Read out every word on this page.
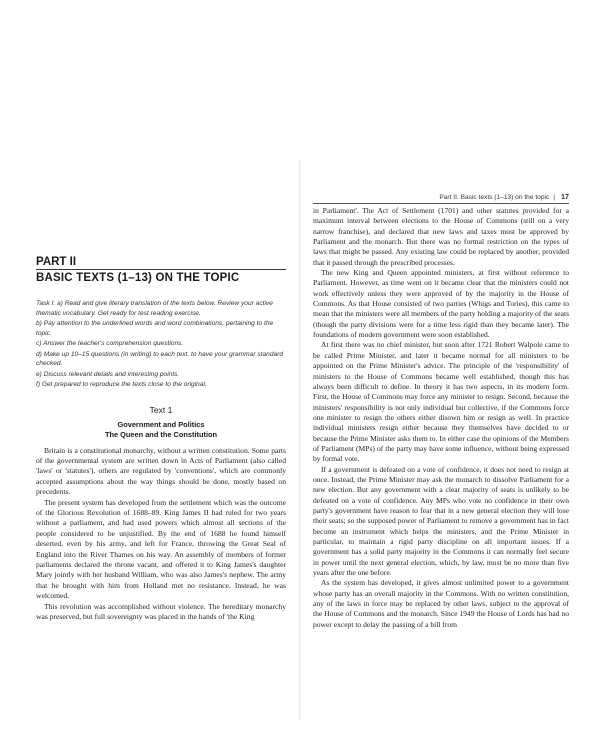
PART II
BASIC TEXTS (1–13) ON THE TOPIC
Task I: a) Read and give literary translation of the texts below. Review your active thematic vocabulary. Get ready for test reading exercise.
b) Pay attention to the underlined words and word combinations, pertaining to the topic.
c) Answer the teacher's comprehension questions.
d) Make up 10–15 questions (in writing) to each text, to have your grammar standard checked.
e) Discuss relevant details and interesting points.
f) Get prepared to reproduce the texts close to the original.
Text 1
Government and Politics
The Queen and the Constitution

Britain is a constitutional monarchy, without a written constitution. Some parts of the governmental system are written down in Acts of Parliament (also called 'laws' or 'statutes'), others are regulated by 'conventions', which are commonly accepted assumptions about the way things should be done, mostly based on precedents.

The present system has developed from the settlement which was the outcome of the Glorious Revolution of 1688–89. King James II had ruled for two years without a parliament, and had used powers which almost all sections of the people considered to be unjustified. By the end of 1688 he found himself deserted, even by his army, and left for France, throwing the Great Seal of England into the River Thames on his way. An assembly of members of former parliaments declared the throne vacant, and offered it to King James's daughter Mary jointly with her husband William, who was also James's nephew. The army that he brought with him from Holland met no resistance. Instead, he was welcomed.

This revolution was accomplished without violence. The hereditary monarchy was preserved, but full sovereignty was placed in the hands of 'the King

Part II. Basic texts (1–13) on the topic | 17

in Parliament'. The Act of Settlement (1701) and other statutes provided for a maximum interval between elections to the House of Commons (still on a very narrow franchise), and declared that new laws and taxes must be approved by Parliament and the monarch. But there was no formal restriction on the types of laws that might be passed. Any existing law could be replaced by another, provided that it passed through the prescribed processes.

The new King and Queen appointed ministers, at first without reference to Parliament. However, as time went on it became clear that the ministers could not work effectively unless they were approved of by the majority in the House of Commons. As that House consisted of two parties (Whigs and Tories), this came to mean that the ministers were all members of the party holding a majority of the seats (though the party divisions were for a time less rigid than they became later). The foundations of modern government were soon established.

At first there was no chief minister, but soon after 1721 Robert Walpole came to be called Prime Minister, and later it became normal for all ministers to be appointed on the Prime Minister's advice. The principle of the 'responsibility' of ministers to the House of Commons became well established, though this has always been difficult to define. In theory it has two aspects, in its modern form. First, the House of Commons may force any minister to resign. Second, because the ministers' responsibility is not only individual but collective, if the Commons force one minister to resign the others either disown him or resign as well. In practice individual ministers resign either because they themselves have decided to or because the Prime Minister asks them to. In either case the opinions of the Members of Parliament (MPs) of the party may have some influence, without being expressed by formal vote.

If a government is defeated on a vote of confidence, it does not need to resign at once. Instead, the Prime Minister may ask the monarch to dissolve Parliament for a new election. But any government with a clear majority of seats is unlikely to be defeated on a vote of confidence. Any MPs who vote no confidence in their own party's government have reason to fear that in a new general election they will lose their seats; so the supposed power of Parliament to remove a government has in fact become an instrument which helps the ministers, and the Prime Minister in particular, to maintain a rigid party discipline on all important issues. If a government has a solid party majority in the Commons it can normally feel secure in power until the next general election, which, by law, must be no more than five years after the one before.

As the system has developed, it gives almost unlimited power to a government whose party has an overall majority in the Commons. With no written constitution, any of the laws in force may be replaced by other laws, subject to the approval of the House of Commons and the monarch. Since 1949 the House of Lords has had no power except to delay the passing of a bill from
